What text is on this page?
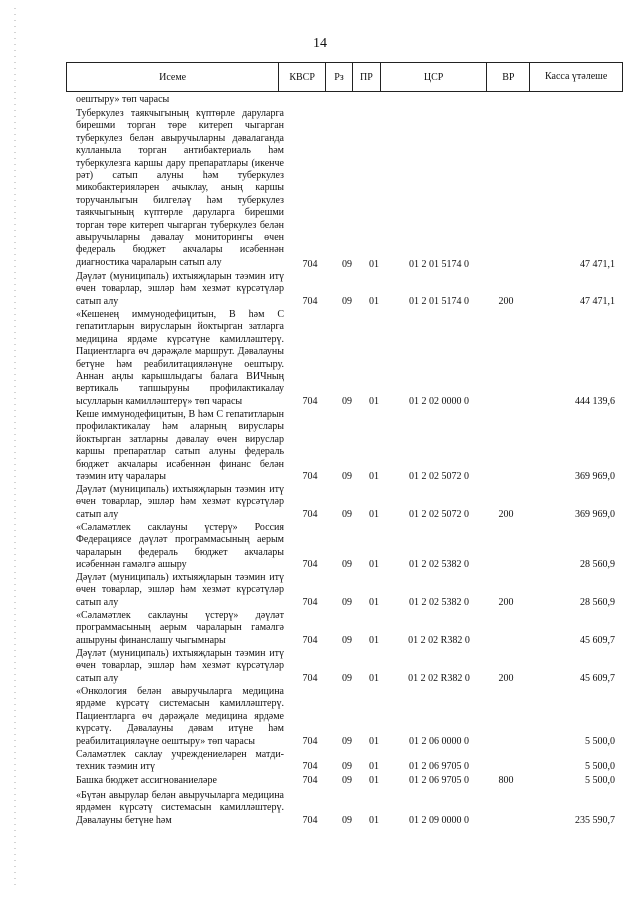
14
Исеме	КВСР	Рз	ПР	ЦСР	ВР	Касса үтәлеше
оештыру» төп чарасы
Туберкулез таякчыгының күптөрле даруларга бирешми торган төре китереп чыгарган туберкулез белән авыручыларны дәвалаганда кулланыла торган антибактериаль һәм туберкулезга каршы дару препаратлары (икенче рәт) сатып алуны һәм туберкулез микобактерияләрен ачыклау, аның каршы торучанлыгын билгеләү һәм туберкулез таякчыгының күптөрле даруларга бирешми торган төре китереп чыгарган туберкулез белән авыручыларны дәвалау мониторингы өчен федераль бюджет акчалары исәбеннән диагностика чараларын сатып алу	704	09	01	01 2 01 5174 0	47 471,1
Дәүләт (муниципаль) ихтыяҗларын тәэмин итү өчен товарлар, эшләр һәм хезмәт күрсәтүләр сатып алу	704	09	01	01 2 01 5174 0	200	47 471,1
«Кешенең иммунодефицитын, В һәм С гепатитларын вирусларын йоктырган затларга медицина ярдәме күрсәтүне камилләштерү. Пациентларга өч дәрәҗәле маршрут. Дәвалауны бетүне һәм реабилитацияләнүне оештыру. Аннан аңлы карышлыдагы балага ВИЧның вертикаль тапшыруны профилактикалау ысулларын камилләштерү» төп чарасы	704	09	01	01 2 02 0000 0	444 139,6
Кеше иммунодефицитын, В һәм С гепатитларын профилактикалау һәм аларның вируслары йоктырган затларны дәвалау өчен вируслар каршы препаратлар сатып алуны федераль бюджет акчалары исәбеннән финанс белән тәэмин итү чаралары	704	09	01	01 2 02 5072 0	369 969,0
Дәүләт (муниципаль) ихтыяҗларын тәэмин итү өчен товарлар, эшләр һәм хезмәт күрсәтүләр сатып алу	704	09	01	01 2 02 5072 0	200	369 969,0
«Сәламәтлек саклауны үстерү» Россия Федерациясе дәүләт программасының аерым чараларын федераль бюджет акчалары исәбеннән гамәлгә ашыру	704	09	01	01 2 02 5382 0	28 560,9
Дәүләт (муниципаль) ихтыяҗларын тәэмин итү өчен товарлар, эшләр һәм хезмәт күрсәтүләр сатып алу	704	09	01	01 2 02 5382 0	200	28 560,9
«Сәламәтлек саклауны үстерү» дәүләт программасының аерым чараларын гамәлгә ашыруны финанслашу чыгымнары	704	09	01	01 2 02 R382 0	45 609,7
Дәүләт (муниципаль) ихтыяҗларын тәэмин итү өчен товарлар, эшләр һәм хезмәт күрсәтүләр сатып алу	704	09	01	01 2 02 R382 0	200	45 609,7
«Онкология белән авыручыларга медицина ярдәме күрсәтү системасын камилләштерү. Пациентларга өч дәрәҗәле медицина ярдәме күрсәтү. Дәвалауны дәвам итүне һәм реабилитацияләүне оештыру» төп чарасы	704	09	01	01 2 06 0000 0	5 500,0
Сәламәтлек саклау учреждениеләрен матди-техник тәэмин итү	704	09	01	01 2 06 9705 0	5 500,0
Башка бюджет ассигнованиеләре	704	09	01	01 2 06 9705 0	800	5 500,0
«Бүтән авырулар белән авыручыларга медицина ярдәмен күрсәтү системасын камилләштерү. Дәвалауны бетүне һәм	704	09	01	01 2 09 0000 0	235 590,7
